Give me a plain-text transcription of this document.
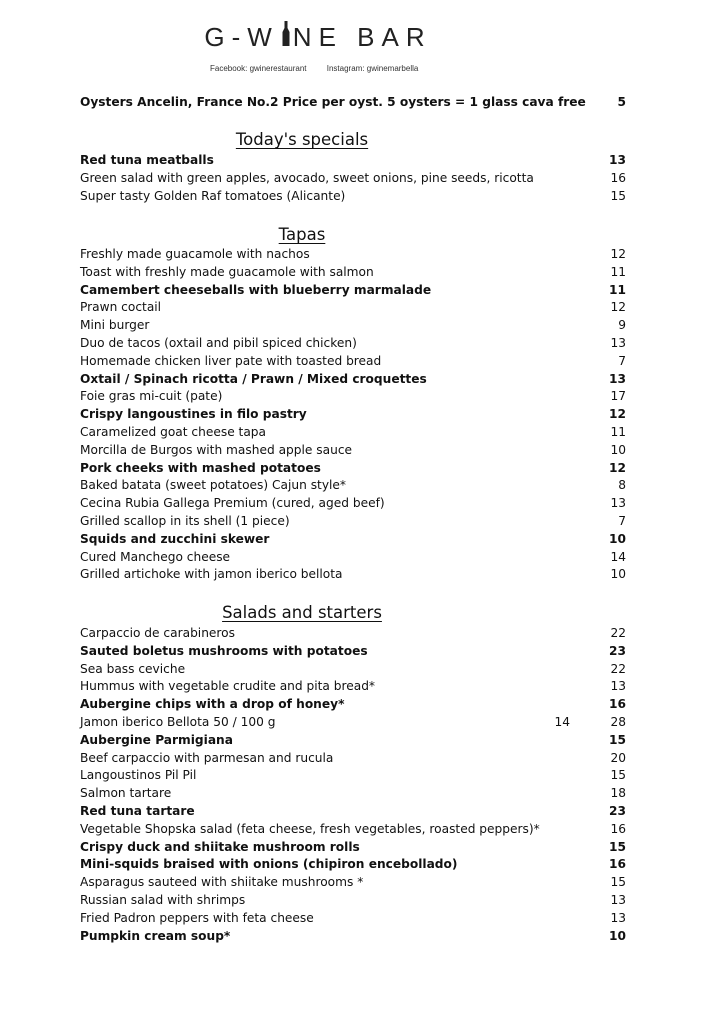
G-W NE BAR
Facebook: gwinerestaurant	Instagram: gwinemarbella
Oysters Ancelin, France No.2 Price per oyst. 5 oysters = 1 glass cava free	5
Today's specials
Red tuna meatballs	13
Green salad with green apples, avocado, sweet onions, pine seeds, ricotta	16
Super tasty Golden Raf tomatoes (Alicante)	15
Tapas
Freshly made guacamole with nachos	12
Toast with freshly made guacamole with salmon	11
Camembert cheeseballs with blueberry marmalade	11
Prawn coctail	12
Mini burger	9
Duo de tacos (oxtail and pibil spiced chicken)	13
Homemade chicken liver pate with toasted bread	7
Oxtail / Spinach ricotta / Prawn / Mixed croquettes	13
Foie gras mi-cuit (pate)	17
Crispy langoustines in filo pastry	12
Caramelized goat cheese tapa	11
Morcilla de Burgos with mashed apple sauce	10
Pork cheeks with mashed potatoes	12
Baked batata (sweet potatoes) Cajun style*	8
Cecina Rubia Gallega Premium (cured, aged beef)	13
Grilled scallop in its shell (1 piece)	7
Squids and zucchini skewer	10
Cured Manchego cheese	14
Grilled artichoke with jamon iberico bellota	10
Salads and starters
Carpaccio de carabineros	22
Sauted boletus mushrooms with potatoes	23
Sea bass ceviche	22
Hummus with vegetable crudite and pita bread*	13
Aubergine chips with a drop of honey*	16
Jamon iberico Bellota 50 / 100 g	14	28
Aubergine Parmigiana	15
Beef carpaccio with parmesan and rucula	20
Langoustinos Pil Pil	15
Salmon tartare	18
Red tuna tartare	23
Vegetable Shopska salad (feta cheese, fresh vegetables, roasted peppers)*	16
Crispy duck and shiitake mushroom rolls	15
Mini-squids braised with onions (chipiron encebollado)	16
Asparagus sauteed with shiitake mushrooms *	15
Russian salad with shrimps	13
Fried Padron peppers with feta cheese	13
Pumpkin cream soup*	10
